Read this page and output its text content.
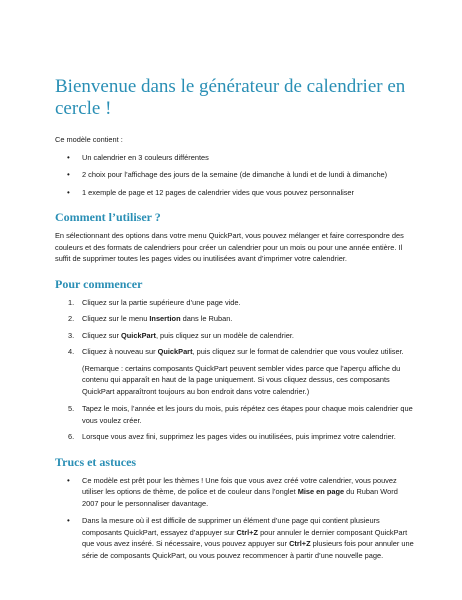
Bienvenue dans le générateur de calendrier en cercle !

Ce modèle contient :

• Un calendrier en 3 couleurs différentes
• 2 choix pour l’affichage des jours de la semaine (de dimanche à lundi et de lundi à dimanche)
• 1 exemple de page et 12 pages de calendrier vides que vous pouvez personnaliser
Comment l’utiliser ?

En sélectionnant des options dans votre menu QuickPart, vous pouvez mélanger et faire correspondre des couleurs et des formats de calendriers pour créer un calendrier pour un mois ou pour une année entière. Il suffit de supprimer toutes les pages vides ou inutilisées avant d’imprimer votre calendrier.

Pour commencer
1. Cliquez sur la partie supérieure d’une page vide.
2. Cliquez sur le menu Insertion dans le Ruban.
3. Cliquez sur QuickPart, puis cliquez sur un modèle de calendrier.
4. Cliquez à nouveau sur QuickPart, puis cliquez sur le format de calendrier que vous voulez utiliser.

(Remarque : certains composants QuickPart peuvent sembler vides parce que l’aperçu affiche du contenu qui apparaît en haut de la page uniquement. Si vous cliquez dessus, ces composants QuickPart apparaîtront toujours au bon endroit dans votre calendrier.)

5. Tapez le mois, l’année et les jours du mois, puis répétez ces étapes pour chaque mois calendrier que vous voulez créer.
6. Lorsque vous avez fini, supprimez les pages vides ou inutilisées, puis imprimez votre calendrier.
Trucs et astuces
• Ce modèle est prêt pour les thèmes ! Une fois que vous avez créé votre calendrier, vous pouvez utiliser les options de thème, de police et de couleur dans l’onglet Mise en page du Ruban Word 2007 pour le personnaliser davantage.
• Dans la mesure où il est difficile de supprimer un élément d’une page qui contient plusieurs composants QuickPart, essayez d’appuyer sur Ctrl+Z pour annuler le dernier composant QuickPart que vous avez inséré. Si nécessaire, vous pouvez appuyer sur Ctrl+Z plusieurs fois pour annuler une série de composants QuickPart, ou vous pouvez recommencer à partir d’une nouvelle page.
